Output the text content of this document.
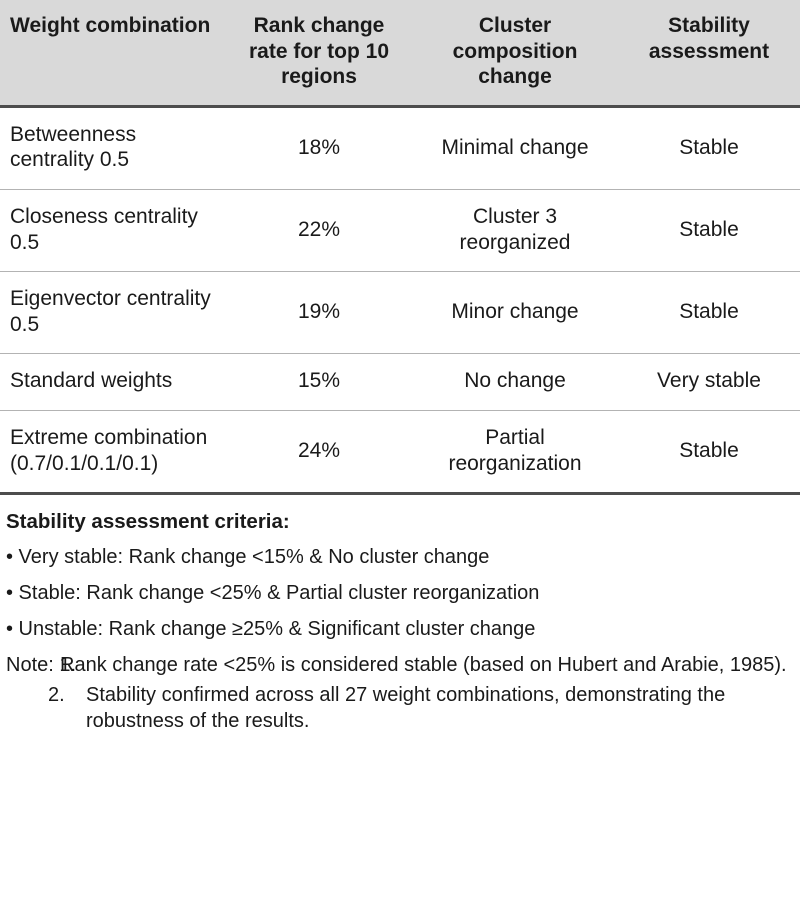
Weight combination	Rank change rate for top 10 regions	Cluster composition change	Stability assessment
Betweenness centrality 0.5	18%	Minimal change	Stable
Closeness centrality 0.5	22%	Cluster 3 reorganized	Stable
Eigenvector centrality 0.5	19%	Minor change	Stable
Standard weights	15%	No change	Very stable
Extreme combination (0.7/0.1/0.1/0.1)	24%	Partial reorganization	Stable
Stability assessment criteria:
• Very stable: Rank change <15% & No cluster change
• Stable: Rank change <25% & Partial cluster reorganization
• Unstable: Rank change ≥25% & Significant cluster change
Note: 1.
Rank change rate <25% is considered stable (based on Hubert and Arabie, 1985).
2. Stability confirmed across all 27 weight combinations, demonstrating the robustness of the results.
